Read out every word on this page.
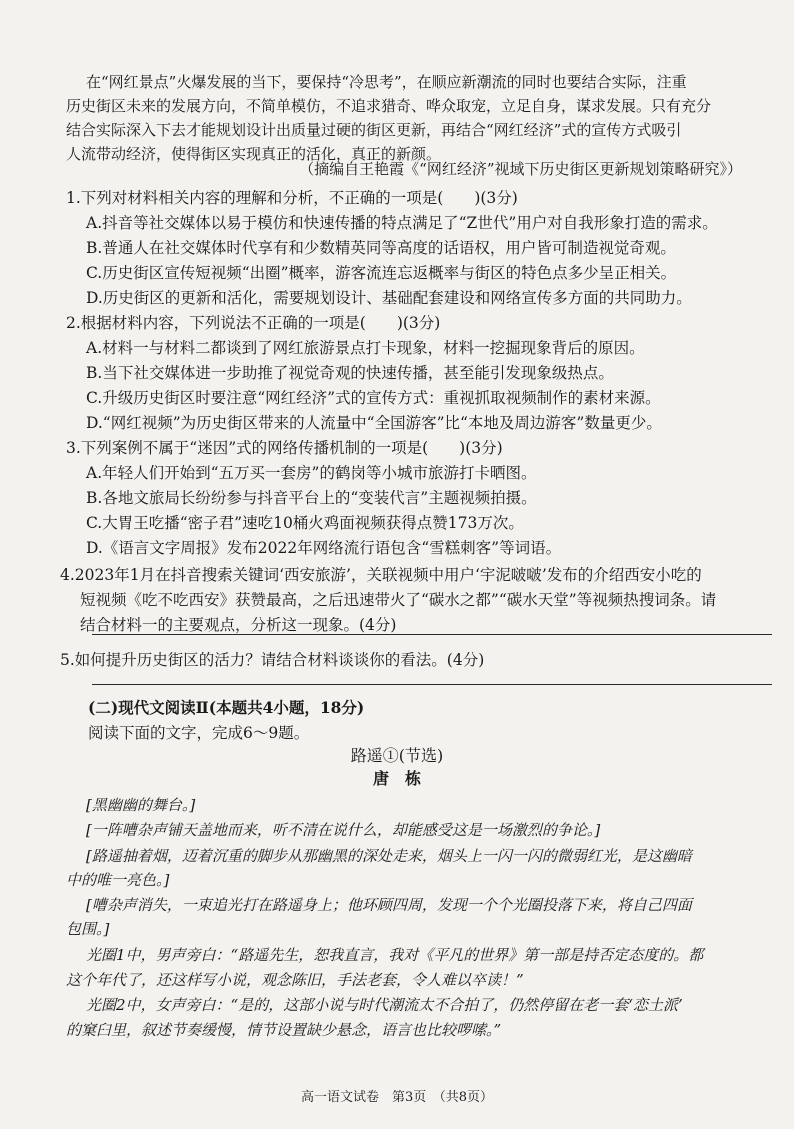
在“网红景点”火爆发展的当下，要保持“冷思考”，在顺应新潮流的同时也要结合实际，注重
历史街区未来的发展方向，不简单模仿，不追求猎奇、哗众取宠，立足自身，谋求发展。只有充分
结合实际深入下去才能规划设计出质量过硬的街区更新，再结合“网红经济”式的宣传方式吸引
人流带动经济，使得街区实现真正的活化，真正的新颜。
（摘编自王艳霞《“网红经济”视域下历史街区更新规划策略研究》）
1.下列对材料相关内容的理解和分析，不正确的一项是(　　)(3分)
A.抖音等社交媒体以易于模仿和快速传播的特点满足了“Z世代”用户对自我形象打造的需求。
B.普通人在社交媒体时代享有和少数精英同等高度的话语权，用户皆可制造视觉奇观。
C.历史街区宣传短视频“出圈”概率，游客流连忘返概率与街区的特色点多少呈正相关。
D.历史街区的更新和活化，需要规划设计、基础配套建设和网络宣传多方面的共同助力。
2.根据材料内容，下列说法不正确的一项是(　　)(3分)
A.材料一与材料二都谈到了网红旅游景点打卡现象，材料一挖掘现象背后的原因。
B.当下社交媒体进一步助推了视觉奇观的快速传播，甚至能引发现象级热点。
C.升级历史街区时要注意“网红经济”式的宣传方式：重视抓取视频制作的素材来源。
D.“网红视频”为历史街区带来的人流量中“全国游客”比“本地及周边游客”数量更少。
3.下列案例不属于“迷因”式的网络传播机制的一项是(　　)(3分)
A.年轻人们开始到“五万买一套房”的鹤岗等小城市旅游打卡晒图。
B.各地文旅局长纷纷参与抖音平台上的“变装代言”主题视频拍摄。
C.大胃王吃播“密子君”速吃10桶火鸡面视频获得点赞173万次。
D.《语言文字周报》发布2022年网络流行语包含“雪糕刺客”等词语。
4.2023年1月在抖音搜索关键词‘西安旅游’，关联视频中用户‘宇泥啵啵’发布的介绍西安小吃的
短视频《吃不吃西安》获赞最高，之后迅速带火了“碳水之都”“碳水天堂”等视频热搜词条。请
结合材料一的主要观点，分析这一现象。(4分)
5.如何提升历史街区的活力？请结合材料谈谈你的看法。(4分)
(二)现代文阅读Ⅱ(本题共4小题，18分)
阅读下面的文字，完成6～9题。
路遥①(节选)
唐　栋
[黑幽幽的舞台。]
[一阵嘈杂声铺天盖地而来，听不清在说什么，却能感受这是一场激烈的争论。]
[路遥抽着烟，迈着沉重的脚步从那幽黑的深处走来，烟头上一闪一闪的微弱红光，是这幽暗
中的唯一亮色。]
[嘈杂声消失，一束追光打在路遥身上；他环顾四周，发现一个个光圈投落下来，将自己四面
包围。]
光圈1中，男声旁白：“路遥先生，恕我直言，我对《平凡的世界》第一部是持否定态度的。都
这个年代了，还这样写小说，观念陈旧，手法老套，令人难以卒读！”
光圈2中，女声旁白：“是的，这部小说与时代潮流太不合拍了，仍然停留在老一套‘恋土派’
的窠臼里，叙述节奏缓慢，情节设置缺少悬念，语言也比较啰嗦。”
高一语文试卷　第3页　（共8页）
